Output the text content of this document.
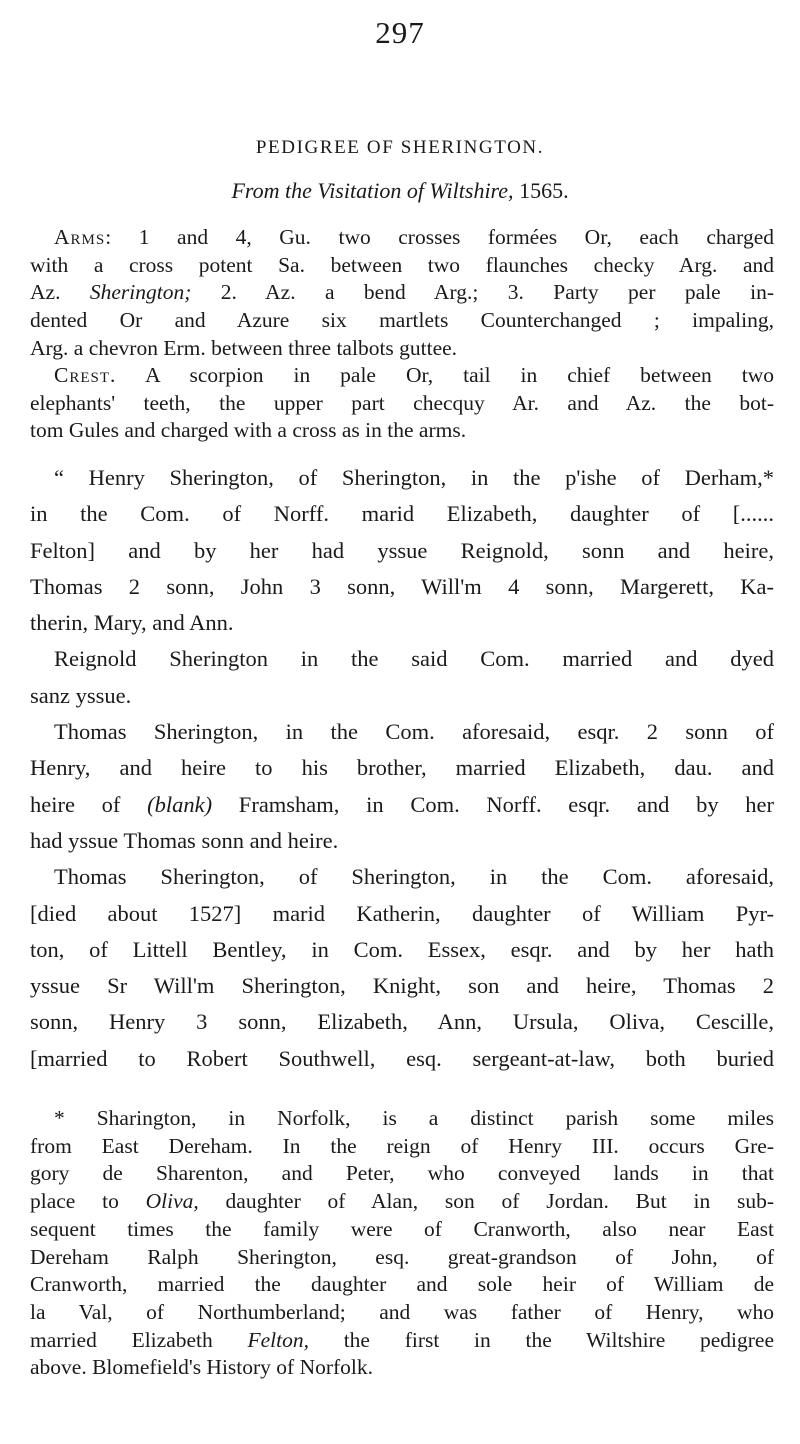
297
PEDIGREE OF SHERINGTON.
From the Visitation of Wiltshire, 1565.
Arms: 1 and 4, Gu. two crosses formées Or, each charged
with a cross potent Sa. between two flaunches checky Arg. and
Az. Sherington; 2. Az. a bend Arg.; 3. Party per pale in-
dented Or and Azure six martlets Counterchanged ; impaling,
Arg. a chevron Erm. between three talbots guttee.
Crest. A scorpion in pale Or, tail in chief between two
elephants' teeth, the upper part checquy Ar. and Az. the bot-
tom Gules and charged with a cross as in the arms.
“ Henry Sherington, of Sherington, in the p'ishe of Derham,*
in the Com. of Norff. marid Elizabeth, daughter of [......
Felton] and by her had yssue Reignold, sonn and heire,
Thomas 2 sonn, John 3 sonn, Will'm 4 sonn, Margerett, Ka-
therin, Mary, and Ann.
Reignold Sherington in the said Com. married and dyed
sanz yssue.
Thomas Sherington, in the Com. aforesaid, esqr. 2 sonn of
Henry, and heire to his brother, married Elizabeth, dau. and
heire of (blank) Framsham, in Com. Norff. esqr. and by her
had yssue Thomas sonn and heire.
Thomas Sherington, of Sherington, in the Com. aforesaid,
[died about 1527] marid Katherin, daughter of William Pyr-
ton, of Littell Bentley, in Com. Essex, esqr. and by her hath
yssue Sr Will'm Sherington, Knight, son and heire, Thomas 2
sonn, Henry 3 sonn, Elizabeth, Ann, Ursula, Oliva, Cescille,
[married to Robert Southwell, esq. sergeant-at-law, both buried
* Sharington, in Norfolk, is a distinct parish some miles
from East Dereham. In the reign of Henry III. occurs Gre-
gory de Sharenton, and Peter, who conveyed lands in that
place to Oliva, daughter of Alan, son of Jordan. But in sub-
sequent times the family were of Cranworth, also near East
Dereham Ralph Sherington, esq. great-grandson of John, of
Cranworth, married the daughter and sole heir of William de
la Val, of Northumberland; and was father of Henry, who
married Elizabeth Felton, the first in the Wiltshire pedigree
above. Blomefield's History of Norfolk.
